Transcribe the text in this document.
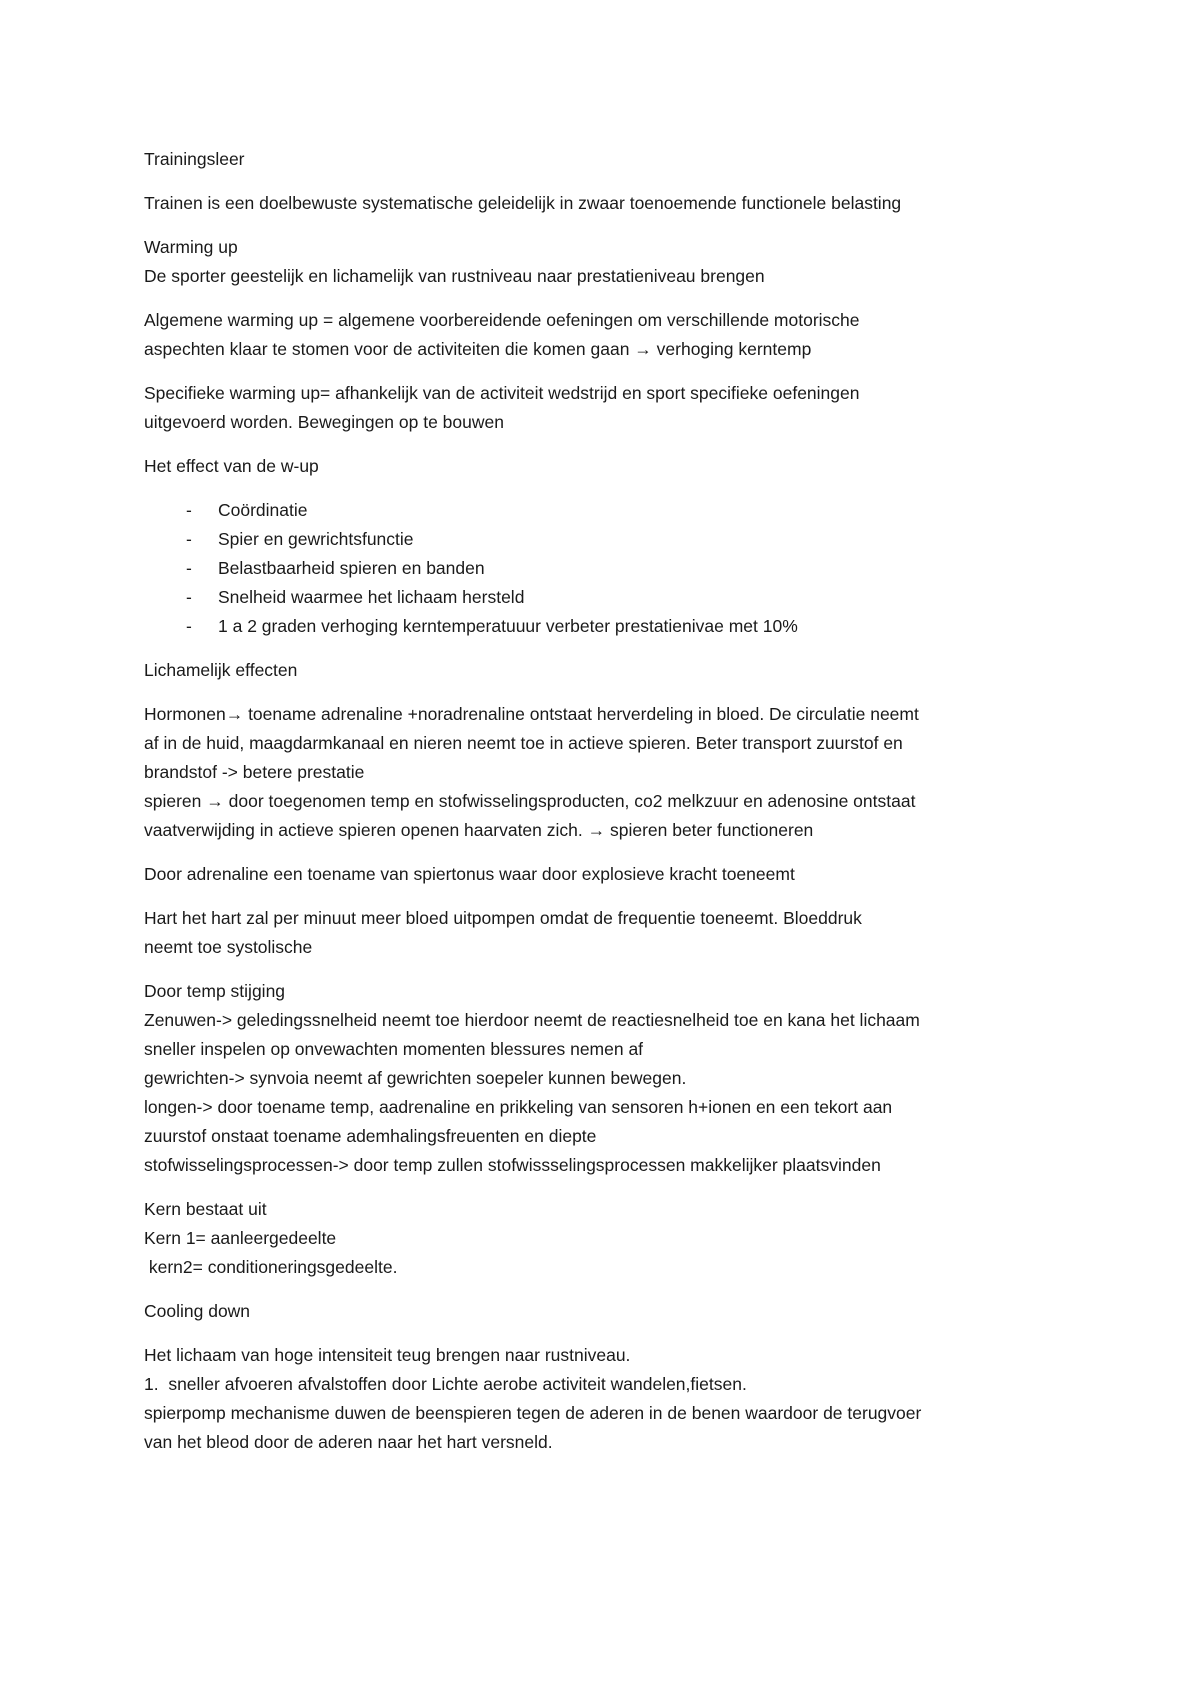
Trainingsleer

Trainen is een doelbewuste systematische geleidelijk in zwaar toenoemende functionele belasting

Warming up
De sporter geestelijk en lichamelijk van rustniveau naar prestatieniveau brengen

Algemene warming up = algemene voorbereidende oefeningen om verschillende motorische
aspechten klaar te stomen voor de activiteiten die komen gaan → verhoging kerntemp

Specifieke warming up= afhankelijk van de activiteit wedstrijd en sport specifieke oefeningen
uitgevoerd worden. Bewegingen op te bouwen

Het effect van de w-up

-	Coördinatie
-	Spier en gewrichtsfunctie
-	Belastbaarheid spieren en banden
-	Snelheid waarmee het lichaam hersteld
-	1 a 2 graden verhoging kerntemperatuuur verbeter prestatienivae met 10%

Lichamelijk effecten

Hormonen→ toename adrenaline +noradrenaline ontstaat herverdeling in bloed. De circulatie neemt
af in de huid, maagdarmkanaal en nieren neemt toe in actieve spieren. Beter transport zuurstof en
brandstof -> betere prestatie
spieren → door toegenomen temp en stofwisselingsproducten, co2 melkzuur en adenosine ontstaat
vaatverwijding in actieve spieren openen haarvaten zich. → spieren beter functioneren

Door adrenaline een toename van spiertonus waar door explosieve kracht toeneemt

Hart het hart zal per minuut meer bloed uitpompen omdat de frequentie toeneemt. Bloeddruk
neemt toe systolische

Door temp stijging
Zenuwen-> geledingssnelheid neemt toe hierdoor neemt de reactiesnelheid toe en kana het lichaam
sneller inspelen op onvewachten momenten blessures nemen af
gewrichten-> synvoia neemt af gewrichten soepeler kunnen bewegen.
longen-> door toename temp, aadrenaline en prikkeling van sensoren h+ionen en een tekort aan
zuurstof onstaat toename ademhalingsfreuenten en diepte
stofwisselingsprocessen-> door temp zullen stofwissselingsprocessen makkelijker plaatsvinden

Kern bestaat uit
Kern 1= aanleergedeelte
kern2= conditioneringsgedeelte.

Cooling down

Het lichaam van hoge intensiteit teug brengen naar rustniveau.
1.  sneller afvoeren afvalstoffen door Lichte aerobe activiteit wandelen,fietsen.
spierpomp mechanisme duwen de beenspieren tegen de aderen in de benen waardoor de terugvoer
van het bleod door de aderen naar het hart versneld.
